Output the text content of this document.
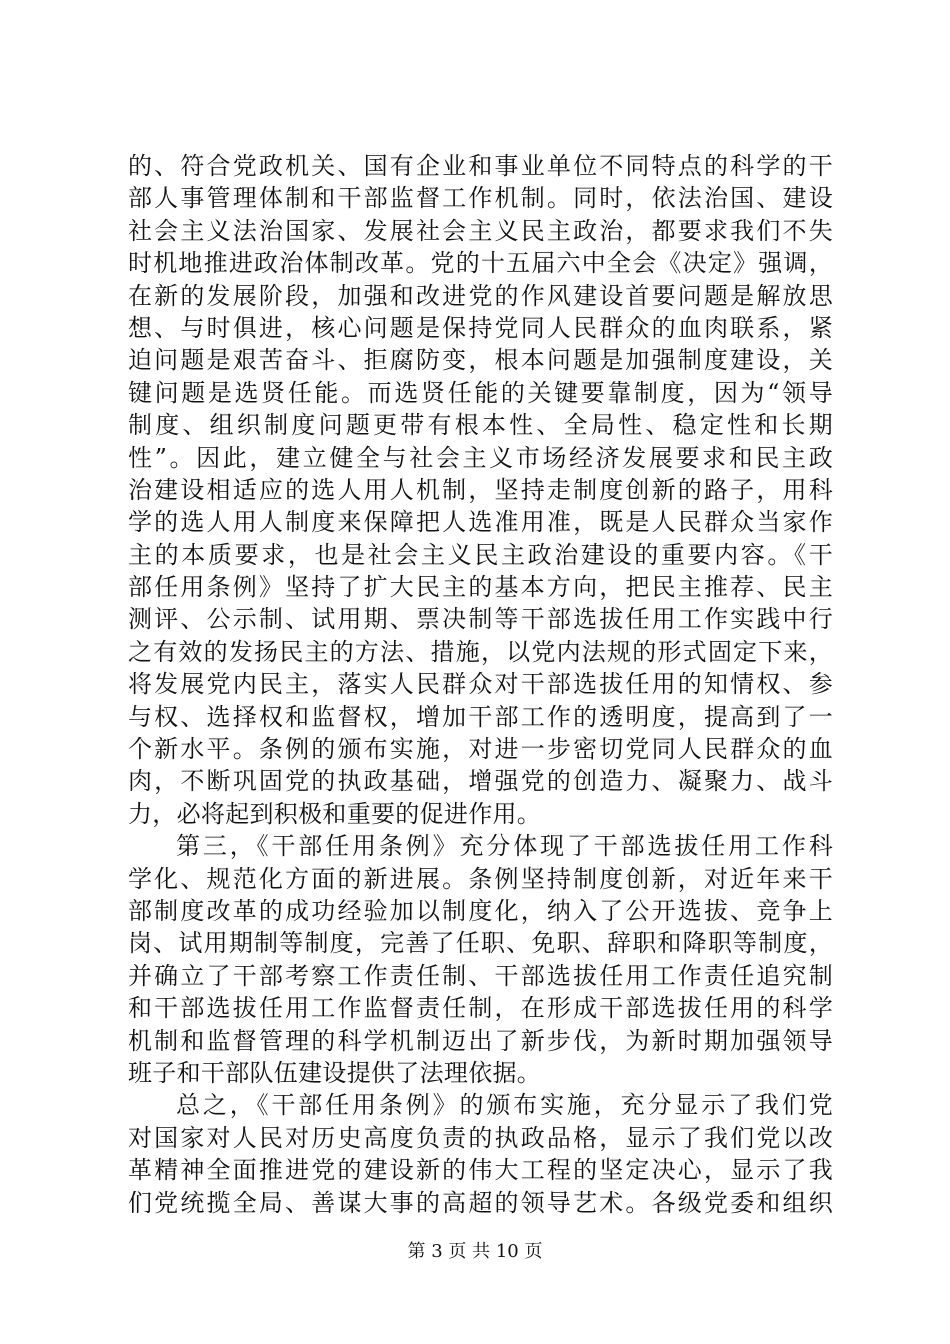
的、符合党政机关、国有企业和事业单位不同特点的科学的干
部人事管理体制和干部监督工作机制。同时，依法治国、建设
社会主义法治国家、发展社会主义民主政治，都要求我们不失
时机地推进政治体制改革。党的十五届六中全会《决定》强调，
在新的发展阶段，加强和改进党的作风建设首要问题是解放思
想、与时俱进，核心问题是保持党同人民群众的血肉联系，紧
迫问题是艰苦奋斗、拒腐防变，根本问题是加强制度建设，关
键问题是选贤任能。而选贤任能的关键要靠制度，因为“领导
制度、组织制度问题更带有根本性、全局性、稳定性和长期
性”。因此，建立健全与社会主义市场经济发展要求和民主政
治建设相适应的选人用人机制，坚持走制度创新的路子，用科
学的选人用人制度来保障把人选准用准，既是人民群众当家作
主的本质要求，也是社会主义民主政治建设的重要内容。《干
部任用条例》坚持了扩大民主的基本方向，把民主推荐、民主
测评、公示制、试用期、票决制等干部选拔任用工作实践中行
之有效的发扬民主的方法、措施，以党内法规的形式固定下来，
将发展党内民主，落实人民群众对干部选拔任用的知情权、参
与权、选择权和监督权，增加干部工作的透明度，提高到了一
个新水平。条例的颁布实施，对进一步密切党同人民群众的血
肉，不断巩固党的执政基础，增强党的创造力、凝聚力、战斗
力，必将起到积极和重要的促进作用。
第三，《干部任用条例》充分体现了干部选拔任用工作科
学化、规范化方面的新进展。条例坚持制度创新，对近年来干
部制度改革的成功经验加以制度化，纳入了公开选拔、竞争上
岗、试用期制等制度，完善了任职、免职、辞职和降职等制度，
并确立了干部考察工作责任制、干部选拔任用工作责任追究制
和干部选拔任用工作监督责任制，在形成干部选拔任用的科学
机制和监督管理的科学机制迈出了新步伐，为新时期加强领导
班子和干部队伍建设提供了法理依据。
总之，《干部任用条例》的颁布实施，充分显示了我们党
对国家对人民对历史高度负责的执政品格，显示了我们党以改
革精神全面推进党的建设新的伟大工程的坚定决心，显示了我
们党统揽全局、善谋大事的高超的领导艺术。各级党委和组织
第 3 页 共 10 页
